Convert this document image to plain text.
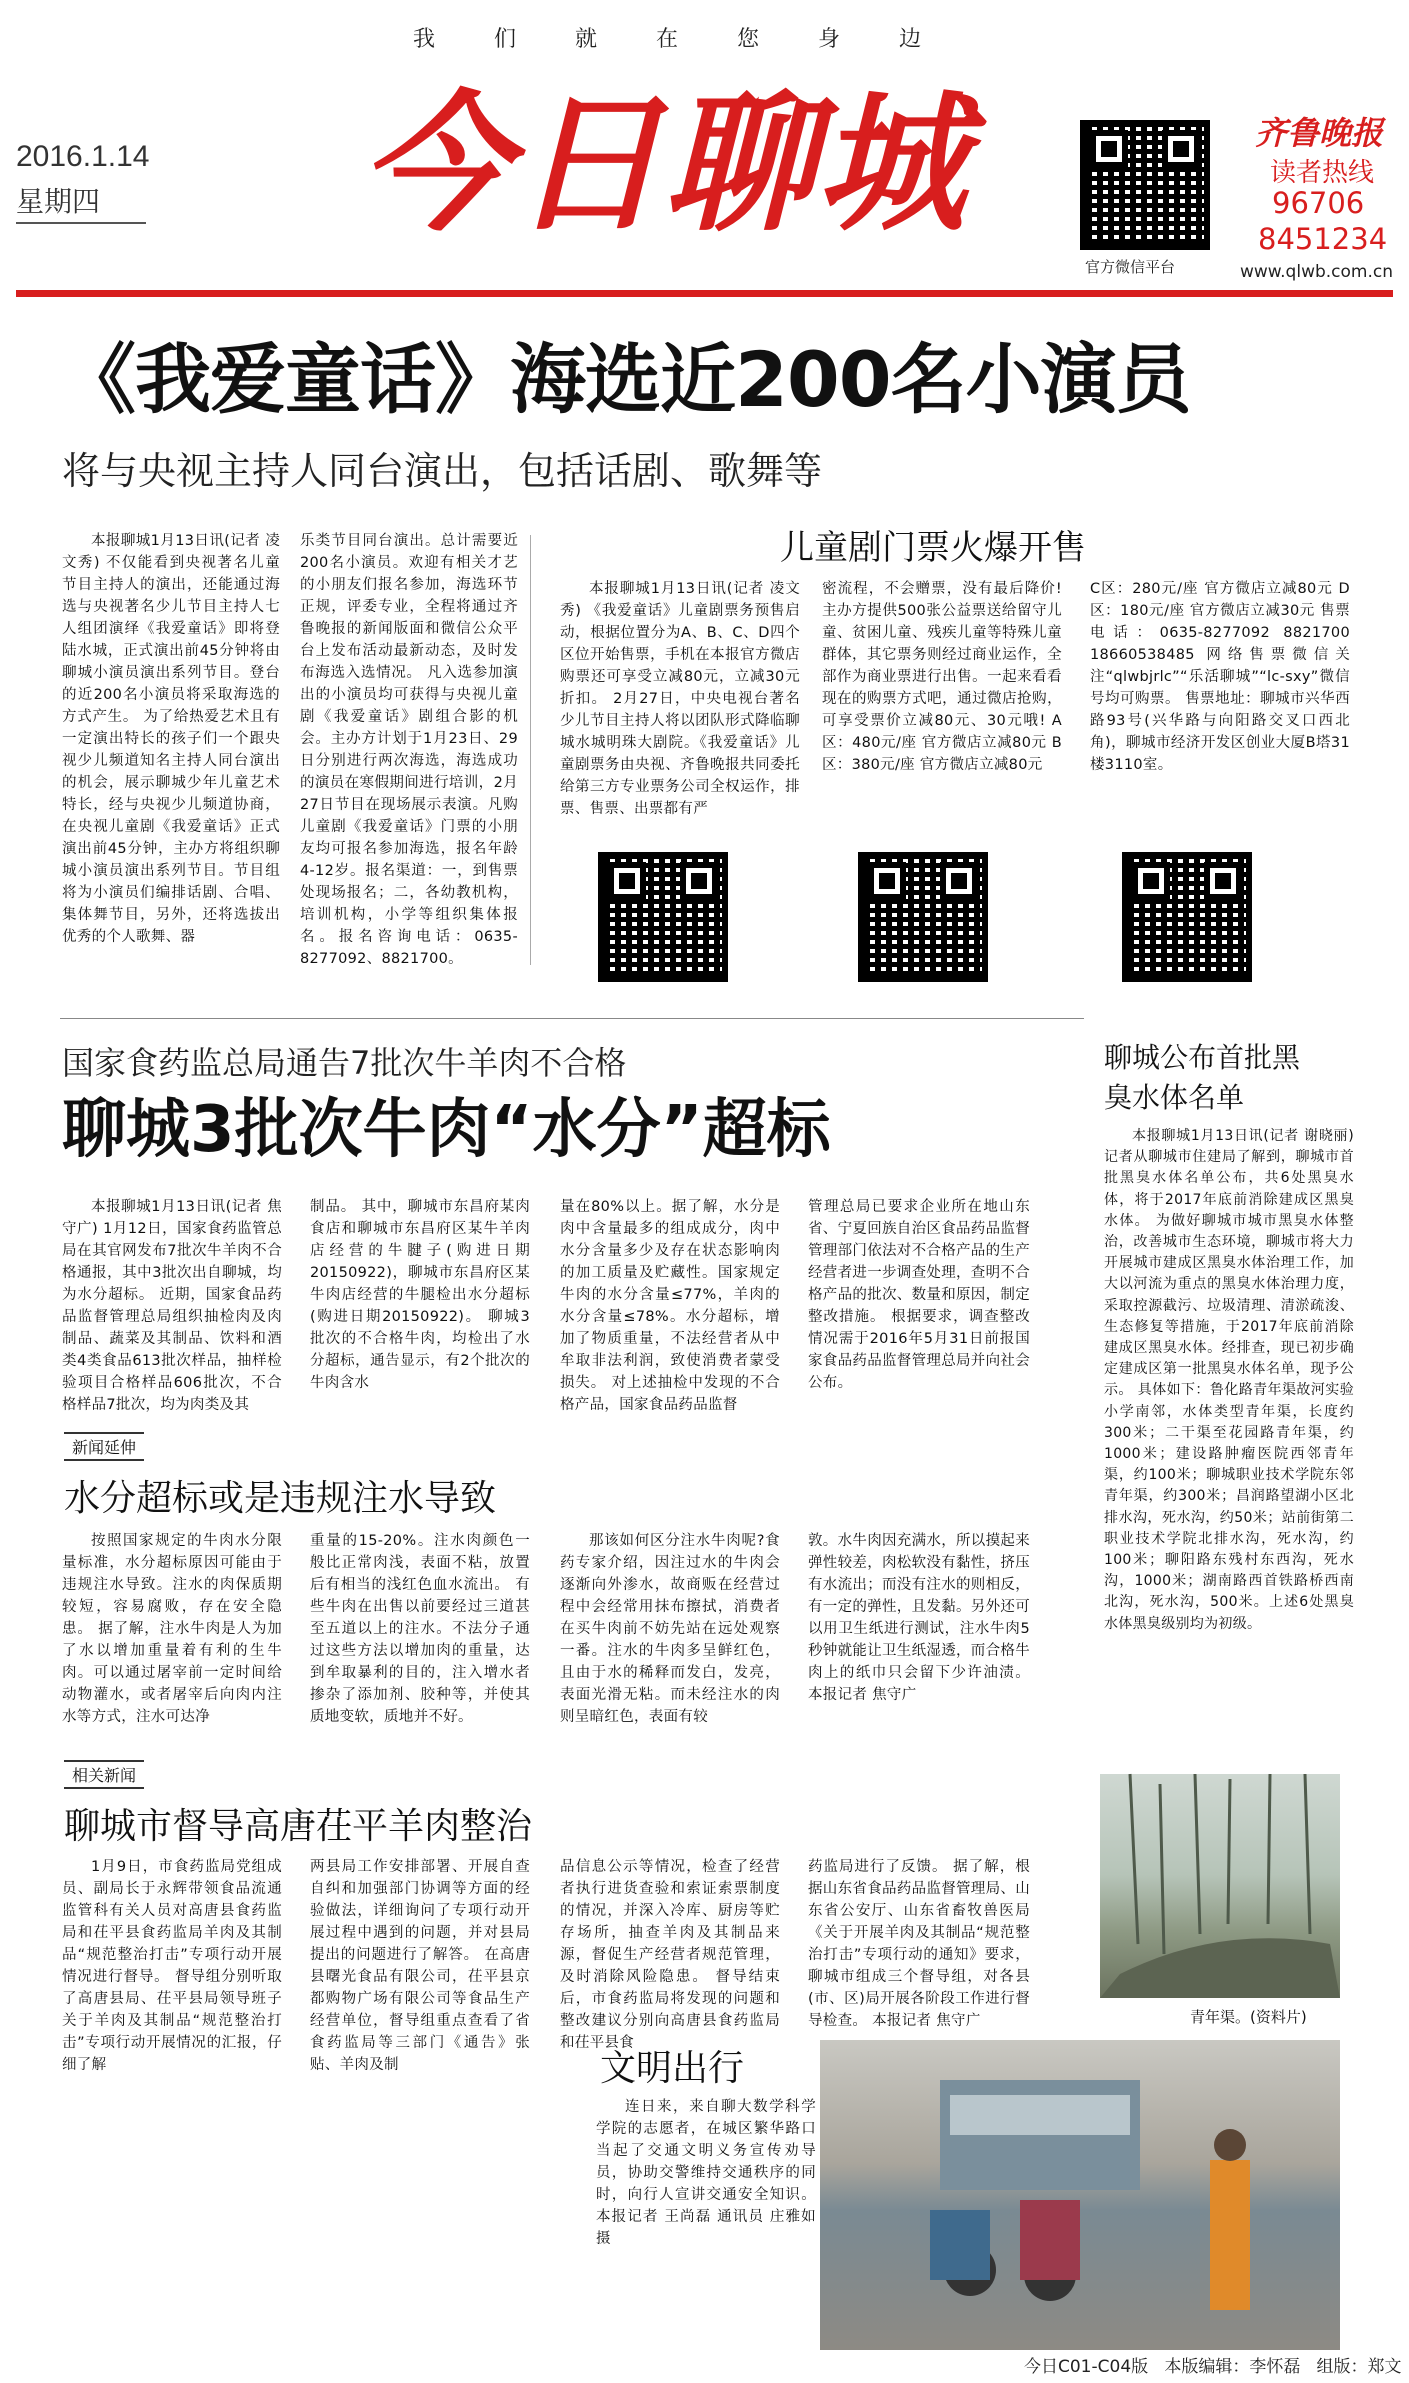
我 们 就 在 您 身 边
2016.1.14
星期四	今日聊城
官方微信平台
齐鲁晚报
读者热线
96706
8451234
www.qlwb.com.cn
《我爱童话》海选近200名小演员
将与央视主持人同台演出，包括话剧、歌舞等
本报聊城1月13日讯(记者 凌文秀) 不仅能看到央视著名儿童节目主持人的演出，还能通过海选与央视著名少儿节目主持人七人组团演绎《我爱童话》即将登陆水城，正式演出前45分钟将由聊城小演员演出系列节目。登台的近200名小演员将采取海选的方式产生。 为了给热爱艺术且有一定演出特长的孩子们一个跟央视少儿频道知名主持人同台演出的机会，展示聊城少年儿童艺术特长，经与央视少儿频道协商，在央视儿童剧《我爱童话》正式演出前45分钟，主办方将组织聊城小演员演出系列节目。节目组将为小演员们编排话剧、合唱、集体舞节目，另外，还将选拔出优秀的个人歌舞、器
乐类节目同台演出。总计需要近200名小演员。欢迎有相关才艺的小朋友们报名参加，海选环节正规，评委专业，全程将通过齐鲁晚报的新闻版面和微信公众平台上发布活动最新动态，及时发布海选入选情况。 凡入选参加演出的小演员均可获得与央视儿童剧《我爱童话》剧组合影的机会。主办方计划于1月23日、29日分别进行两次海选，海选成功的演员在寒假期间进行培训，2月27日节目在现场展示表演。凡购儿童剧《我爱童话》门票的小朋友均可报名参加海选，报名年龄4-12岁。报名渠道：一，到售票处现场报名；二，各幼教机构，培训机构，小学等组织集体报名。报名咨询电话：0635-8277092、8821700。
儿童剧门票火爆开售
本报聊城1月13日讯(记者 凌文秀) 《我爱童话》儿童剧票务预售启动，根据位置分为A、B、C、D四个区位开始售票，手机在本报官方微店购票还可享受立减80元，立减30元折扣。 2月27日，中央电视台著名少儿节目主持人将以团队形式降临聊城水城明珠大剧院。《我爱童话》儿童剧票务由央视、齐鲁晚报共同委托给第三方专业票务公司全权运作，排票、售票、出票都有严
密流程，不会赠票，没有最后降价! 主办方提供500张公益票送给留守儿童、贫困儿童、残疾儿童等特殊儿童群体，其它票务则经过商业运作，全部作为商业票进行出售。一起来看看现在的购票方式吧，通过微店抢购，可享受票价立减80元、30元哦! A区：480元/座 官方微店立减80元 B区：380元/座 官方微店立减80元
C区：280元/座 官方微店立减80元 D区：180元/座 官方微店立减30元 售票电话：0635-8277092 8821700 18660538485 网络售票微信关注“qlwbjrlc”“乐活聊城”“lc-sxy”微信号均可购票。 售票地址：聊城市兴华西路93号(兴华路与向阳路交叉口西北角)，聊城市经济开发区创业大厦B塔31楼3110室。
国家食药监总局通告7批次牛羊肉不合格
聊城3批次牛肉“水分”超标
本报聊城1月13日讯(记者 焦守广) 1月12日，国家食药监管总局在其官网发布7批次牛羊肉不合格通报，其中3批次出自聊城，均为水分超标。 近期，国家食品药品监督管理总局组织抽检肉及肉制品、蔬菜及其制品、饮料和酒类4类食品613批次样品，抽样检验项目合格样品606批次，不合格样品7批次，均为肉类及其
制品。 其中，聊城市东昌府某肉食店和聊城市东昌府区某牛羊肉店经营的牛腱子(购进日期20150922)，聊城市东昌府区某牛肉店经营的牛腿检出水分超标(购进日期20150922)。 聊城3批次的不合格牛肉，均检出了水分超标，通告显示，有2个批次的牛肉含水
量在80%以上。据了解，水分是肉中含量最多的组成成分，肉中水分含量多少及存在状态影响肉的加工质量及贮藏性。国家规定牛肉的水分含量≤77%，羊肉的水分含量≤78%。水分超标，增加了物质重量，不法经营者从中牟取非法利润，致使消费者蒙受损失。 对上述抽检中发现的不合格产品，国家食品药品监督
管理总局已要求企业所在地山东省、宁夏回族自治区食品药品监督管理部门依法对不合格产品的生产经营者进一步调查处理，查明不合格产品的批次、数量和原因，制定整改措施。 根据要求，调查整改情况需于2016年5月31日前报国家食品药品监督管理总局并向社会公布。
新闻延伸
水分超标或是违规注水导致
按照国家规定的牛肉水分限量标准，水分超标原因可能由于违规注水导致。注水的肉保质期较短，容易腐败，存在安全隐患。 据了解，注水牛肉是人为加了水以增加重量着有利的生牛肉。可以通过屠宰前一定时间给动物灌水，或者屠宰后向肉内注水等方式，注水可达净
重量的15-20%。注水肉颜色一般比正常肉浅，表面不粘，放置后有相当的浅红色血水流出。 有些牛肉在出售以前要经过三道甚至五道以上的注水。不法分子通过这些方法以增加肉的重量，达到牟取暴利的目的，注入增水者掺杂了添加剂、胶种等，并使其质地变软，质地并不好。
那该如何区分注水牛肉呢?食药专家介绍，因注过水的牛肉会逐渐向外渗水，故商贩在经营过程中会经常用抹布擦拭，消费者在买牛肉前不妨先站在远处观察一番。注水的牛肉多呈鲜红色，且由于水的稀释而发白，发亮，表面光滑无粘。而未经注水的肉则呈暗红色，表面有较
敦。水牛肉因充满水，所以摸起来弹性较差，肉松软没有黏性，挤压有水流出；而没有注水的则相反，有一定的弹性，且发黏。另外还可以用卫生纸进行测试，注水牛肉5秒钟就能让卫生纸湿透，而合格牛肉上的纸巾只会留下少许油渍。 本报记者 焦守广
相关新闻
聊城市督导高唐茌平羊肉整治
1月9日，市食药监局党组成员、副局长于永辉带领食品流通监管科有关人员对高唐县食药监局和茌平县食药监局羊肉及其制品“规范整治打击”专项行动开展情况进行督导。 督导组分别听取了高唐县局、茌平县局领导班子关于羊肉及其制品“规范整治打击”专项行动开展情况的汇报，仔细了解
两县局工作安排部署、开展自查自纠和加强部门协调等方面的经验做法，详细询问了专项行动开展过程中遇到的问题，并对县局提出的问题进行了解答。 在高唐县曙光食品有限公司，茌平县京都购物广场有限公司等食品生产经营单位，督导组重点查看了省食药监局等三部门《通告》张贴、羊肉及制
品信息公示等情况，检查了经营者执行进货查验和索证索票制度的情况，并深入冷库、厨房等贮存场所，抽查羊肉及其制品来源，督促生产经营者规范管理，及时消除风险隐患。 督导结束后，市食药监局将发现的问题和整改建议分别向高唐县食药监局和茌平县食
药监局进行了反馈。 据了解，根据山东省食品药品监督管理局、山东省公安厅、山东省畜牧兽医局《关于开展羊肉及其制品“规范整治打击”专项行动的通知》要求，聊城市组成三个督导组，对各县(市、区)局开展各阶段工作进行督导检查。 本报记者 焦守广
聊城公布首批黑臭水体名单
本报聊城1月13日讯(记者 谢晓丽) 记者从聊城市住建局了解到，聊城市首批黑臭水体名单公布，共6处黑臭水体，将于2017年底前消除建成区黑臭水体。 为做好聊城市城市黑臭水体整治，改善城市生态环境，聊城市将大力开展城市建成区黑臭水体治理工作，加大以河流为重点的黑臭水体治理力度，采取控源截污、垃圾清理、清淤疏浚、生态修复等措施，于2017年底前消除建成区黑臭水体。经排查，现已初步确定建成区第一批黑臭水体名单，现予公示。 具体如下：鲁化路青年渠故河实验小学南邻，水体类型青年渠，长度约300米；二干渠至花园路青年渠，约1000米；建设路肿瘤医院西邻青年渠，约100米；聊城职业技术学院东邻青年渠，约300米；昌润路望湖小区北排水沟，死水沟，约50米；站前街第二职业技术学院北排水沟，死水沟，约100米；聊阳路东残村东西沟，死水沟，1000米；湖南路西首铁路桥西南北沟，死水沟，500米。上述6处黑臭水体黑臭级别均为初级。
青年渠。(资料片)
文明出行
连日来，来自聊大数学科学学院的志愿者，在城区繁华路口当起了交通文明义务宣传劝导员，协助交警维持交通秩序的同时，向行人宣讲交通安全知识。 本报记者 王尚磊 通讯员 庄雅如 摄
今日C01-C04版   本版编辑：李怀磊   组版：郑文
